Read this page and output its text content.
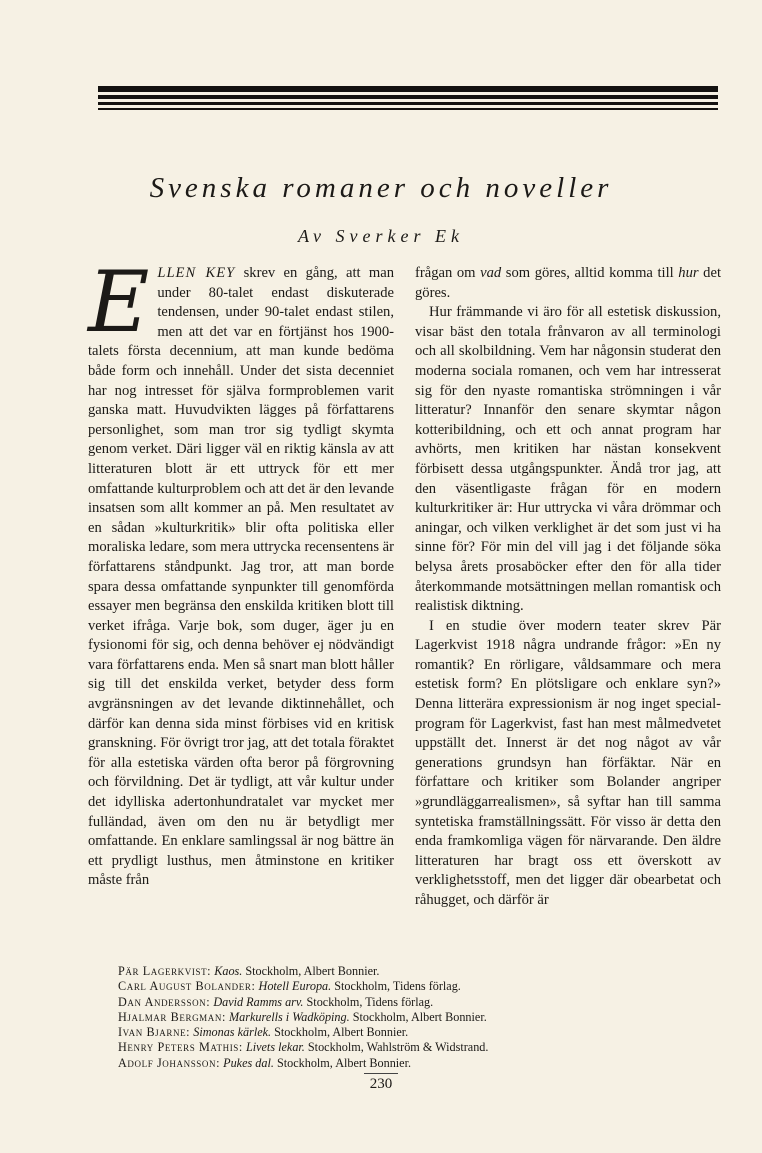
Svenska romaner och noveller
Av Sverker Ek

ELLEN KEY skrev en gång, att man under 80-talet endast diskuterade tendensen, under 90-talet endast stilen, men att det var en förtjänst hos 1900-talets första decennium, att man kunde bedöma både form och innehåll. Under det sista decenniet har nog intresset för själva formproblemen varit ganska matt. Huvudvikten lägges på författarens personlighet, som man tror sig tydligt skymta genom verket. Däri ligger väl en riktig känsla av att litteraturen blott är ett uttryck för ett mer omfattande kulturproblem och att det är den levande insatsen som allt kommer an på. Men resultatet av en sådan »kulturkritik» blir ofta politiska eller moraliska ledare, som mera uttrycka recensentens är författarens ståndpunkt. Jag tror, att man borde spara dessa omfattande synpunkter till genomförda essayer men begränsa den enskilda kritiken blott till verket ifråga. Varje bok, som duger, äger ju en fysionomi för sig, och denna behöver ej nödvändigt vara författarens enda. Men så snart man blott håller sig till det enskilda verket, betyder dess form avgränsningen av det levande diktinnehållet, och därför kan denna sida minst förbises vid en kritisk granskning. För övrigt tror jag, att det totala föraktet för alla estetiska värden ofta beror på förgrovning och förvildning. Det är tydligt, att vår kultur under det idylliska adertonhundratalet var mycket mer fulländad, även om den nu är betydligt mer omfattande. En enklare samlingssal är nog bättre än ett prydligt lusthus, men åtminstone en kritiker måste från

frågan om vad som göres, alltid komma till hur det göres.

Hur främmande vi äro för all estetisk diskussion, visar bäst den totala frånvaron av all terminologi och all skolbildning. Vem har någonsin studerat den moderna sociala romanen, och vem har intresserat sig för den nyaste romantiska strömningen i vår litteratur? Innanför den senare skymtar någon kotteribildning, och ett och annat program har avhörts, men kritiken har nästan konsekvent förbisett dessa utgångspunkter. Ändå tror jag, att den väsentligaste frågan för en modern kulturkritiker är: Hur uttrycka vi våra drömmar och aningar, och vilken verklighet är det som just vi ha sinne för? För min del vill jag i det följande söka belysa årets prosaböcker efter den för alla tider återkommande motsättningen mellan romantisk och realistisk diktning.

I en studie över modern teater skrev Pär Lagerkvist 1918 några undrande frågor: »En ny romantik? En rörligare, våldsammare och mera estetisk form? En plötsligare och enklare syn?» Denna litterära expressionism är nog inget specialprogram för Lagerkvist, fast han mest målmedvetet uppställt det. Innerst är det nog något av vår generations grundsyn han förfäktar. När en författare och kritiker som Bolander angriper »grundläggarrealismen», så syftar han till samma syntetiska framställningssätt. För visso är detta den enda framkomliga vägen för närvarande. Den äldre litteraturen har bragt oss ett överskott av verklighetsstoff, men det ligger där obearbetat och råhugget, och därför är

Pär Lagerkvist: Kaos. Stockholm, Albert Bonnier.
Carl August Bolander: Hotell Europa. Stockholm, Tidens förlag.
Dan Andersson: David Ramms arv. Stockholm, Tidens förlag.
Hjalmar Bergman: Markurells i Wadköping. Stockholm, Albert Bonnier.
Ivan Bjarne: Simonas kärlek. Stockholm, Albert Bonnier.
Henry Peters Mathis: Livets lekar. Stockholm, Wahlström & Widstrand.
Adolf Johansson: Pukes dal. Stockholm, Albert Bonnier.
230
